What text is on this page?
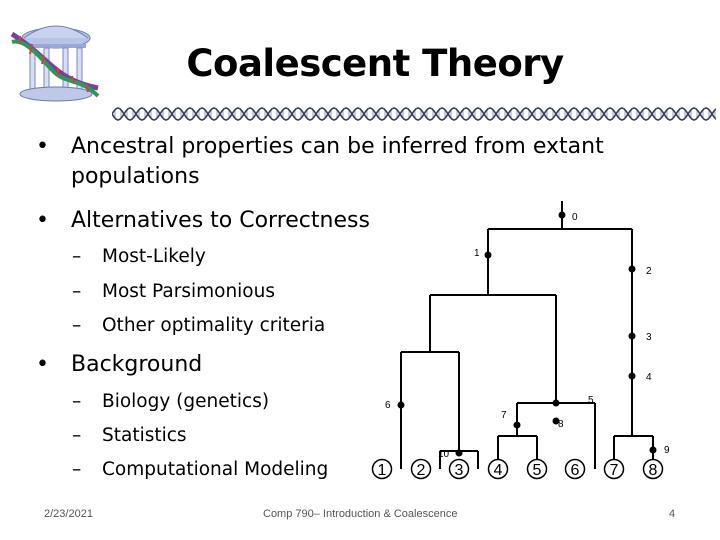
Coalescent Theory
• Ancestral properties can be inferred from extant populations
• Alternatives to Correctness
– Most-Likely
– Most Parsimonious
– Other optimality criteria
• Background
– Biology (genetics)
– Statistics
– Computational Modeling
0
1
2
3
4
5
6
7
8
9
10
1 2 3 4 5 6 7 8
2/23/2021	Comp 790– Introduction & Coalescence	4
